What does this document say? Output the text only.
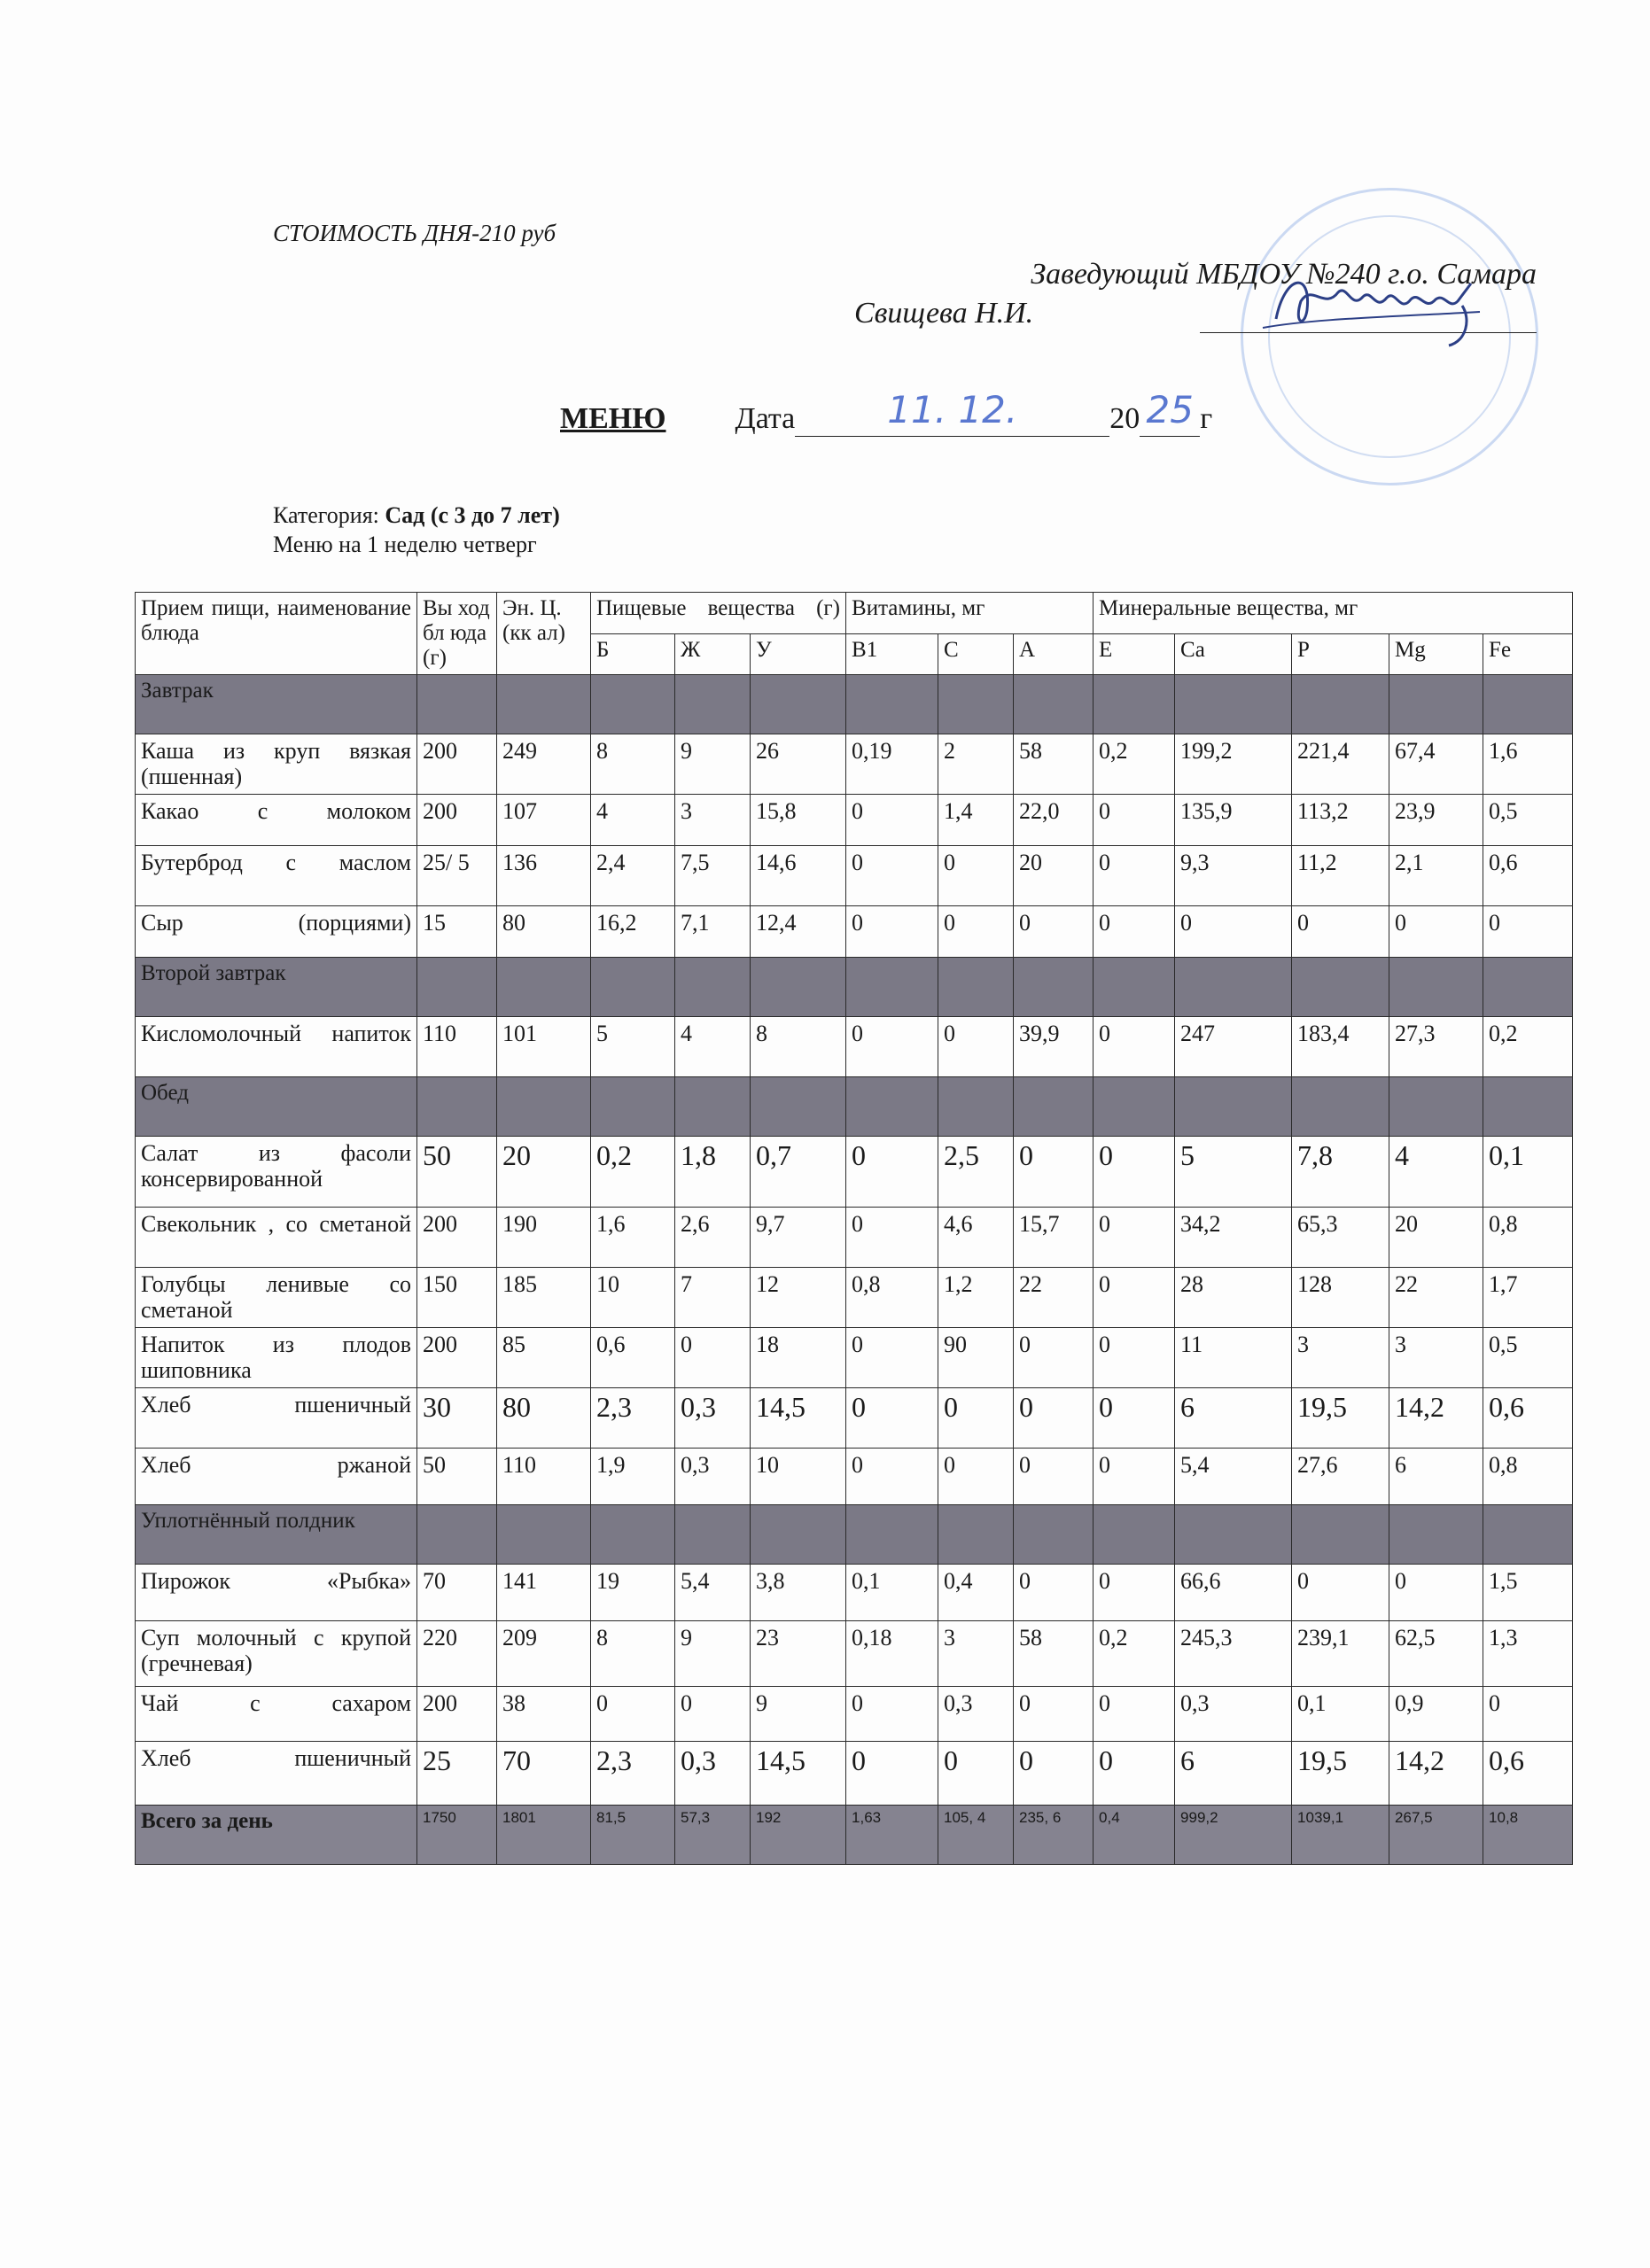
СТОИМОСТЬ ДНЯ-210 руб
Заведующий МБДОУ №240 г.о. Самара
Свищева Н.И.
МЕНЮ Дата 11. 12.	20 25 г
Категория: Сад (с 3 до 7 лет)
Меню на 1 неделю четверг
Прием пищи, наименование блюда	Вы ход бл юда (г)	Эн. Ц.(кк ал)	Пищевые вещества (г)			Витамины, мг			Минеральные вещества, мг				
			Б	Ж	У	B1	C	A	E	Ca	P	Mg	Fe
Завтрак													
Каша из круп вязкая (пшенная)	200	249	8	9	26	0,19	2	58	0,2	199,2	221,4	67,4	1,6
Какао с молоком	200	107	4	3	15,8	0	1,4	22,0	0	135,9	113,2	23,9	0,5
Бутерброд с маслом	25/ 5	136	2,4	7,5	14,6	0	0	20	0	9,3	11,2	2,1	0,6
Сыр (порциями)	15	80	16,2	7,1	12,4	0	0	0	0	0	0	0	0
Второй завтрак													
Кисломолочный напиток	110	101	5	4	8	0	0	39,9	0	247	183,4	27,3	0,2
Обед													
Салат из фасоли консервированной	50	20	0,2	1,8	0,7	0	2,5	0	0	5	7,8	4	0,1
Свекольник , со сметаной	200	190	1,6	2,6	9,7	0	4,6	15,7	0	34,2	65,3	20	0,8
Голубцы ленивые со сметаной	150	185	10	7	12	0,8	1,2	22	0	28	128	22	1,7
Напиток из плодов шиповника	200	85	0,6	0	18	0	90	0	0	11	3	3	0,5
Хлеб пшеничный	30	80	2,3	0,3	14,5	0	0	0	0	6	19,5	14,2	0,6
Хлеб ржаной	50	110	1,9	0,3	10	0	0	0	0	5,4	27,6	6	0,8
Уплотнённый полдник													
Пирожок «Рыбка»	70	141	19	5,4	3,8	0,1	0,4	0	0	66,6	0	0	1,5
Суп молочный с крупой (гречневая)	220	209	8	9	23	0,18	3	58	0,2	245,3	239,1	62,5	1,3
Чай с сахаром	200	38	0	0	9	0	0,3	0	0	0,3	0,1	0,9	0
Хлеб пшеничный	25	70	2,3	0,3	14,5	0	0	0	0	6	19,5	14,2	0,6
Всего за день	1750	1801	81,5	57,3	192	1,63	105, 4	235, 6	0,4	999,2	1039,1	267,5	10,8
